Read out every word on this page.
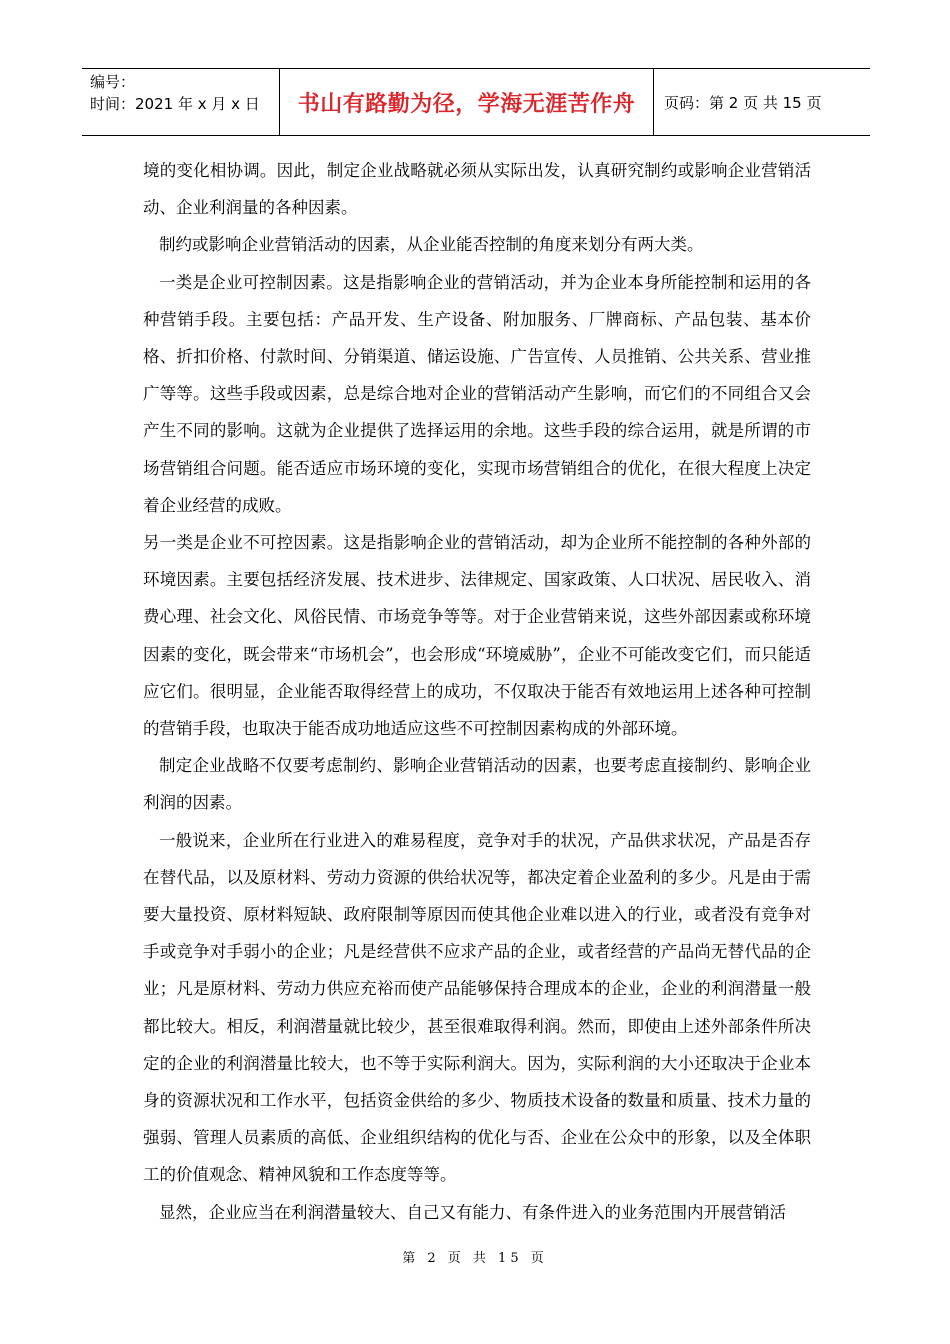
编号：
时间：2021 年 x 月 x 日	书山有路勤为径，学海无涯苦作舟 页码：第 2 页 共 15 页

境的变化相协调。因此，制定企业战略就必须从实际出发，认真研究制约或影响企业营销活动、企业利润量的各种因素。

制约或影响企业营销活动的因素，从企业能否控制的角度来划分有两大类。

一类是企业可控制因素。这是指影响企业的营销活动，并为企业本身所能控制和运用的各种营销手段。主要包括：产品开发、生产设备、附加服务、厂牌商标、产品包装、基本价格、折扣价格、付款时间、分销渠道、储运设施、广告宣传、人员推销、公共关系、营业推广等等。这些手段或因素，总是综合地对企业的营销活动产生影响，而它们的不同组合又会产生不同的影响。这就为企业提供了选择运用的余地。这些手段的综合运用，就是所谓的市场营销组合问题。能否适应市场环境的变化，实现市场营销组合的优化，在很大程度上决定着企业经营的成败。

另一类是企业不可控因素。这是指影响企业的营销活动，却为企业所不能控制的各种外部的环境因素。主要包括经济发展、技术进步、法律规定、国家政策、人口状况、居民收入、消费心理、社会文化、风俗民情、市场竞争等等。对于企业营销来说，这些外部因素或称环境因素的变化，既会带来“市场机会”，也会形成“环境威胁”，企业不可能改变它们，而只能适应它们。很明显，企业能否取得经营上的成功，不仅取决于能否有效地运用上述各种可控制的营销手段，也取决于能否成功地适应这些不可控制因素构成的外部环境。

制定企业战略不仅要考虑制约、影响企业营销活动的因素，也要考虑直接制约、影响企业利润的因素。

一般说来，企业所在行业进入的难易程度，竞争对手的状况，产品供求状况，产品是否存在替代品，以及原材料、劳动力资源的供给状况等，都决定着企业盈利的多少。凡是由于需要大量投资、原材料短缺、政府限制等原因而使其他企业难以进入的行业，或者没有竞争对手或竞争对手弱小的企业；凡是经营供不应求产品的企业，或者经营的产品尚无替代品的企业；凡是原材料、劳动力供应充裕而使产品能够保持合理成本的企业，企业的利润潜量一般都比较大。相反，利润潜量就比较少，甚至很难取得利润。然而，即使由上述外部条件所决定的企业的利润潜量比较大，也不等于实际利润大。因为，实际利润的大小还取决于企业本身的资源状况和工作水平，包括资金供给的多少、物质技术设备的数量和质量、技术力量的强弱、管理人员素质的高低、企业组织结构的优化与否、企业在公众中的形象，以及全体职工的价值观念、精神风貌和工作态度等等。

显然，企业应当在利润潜量较大、自己又有能力、有条件进入的业务范围内开展营销活

第 2 页 共 15 页
